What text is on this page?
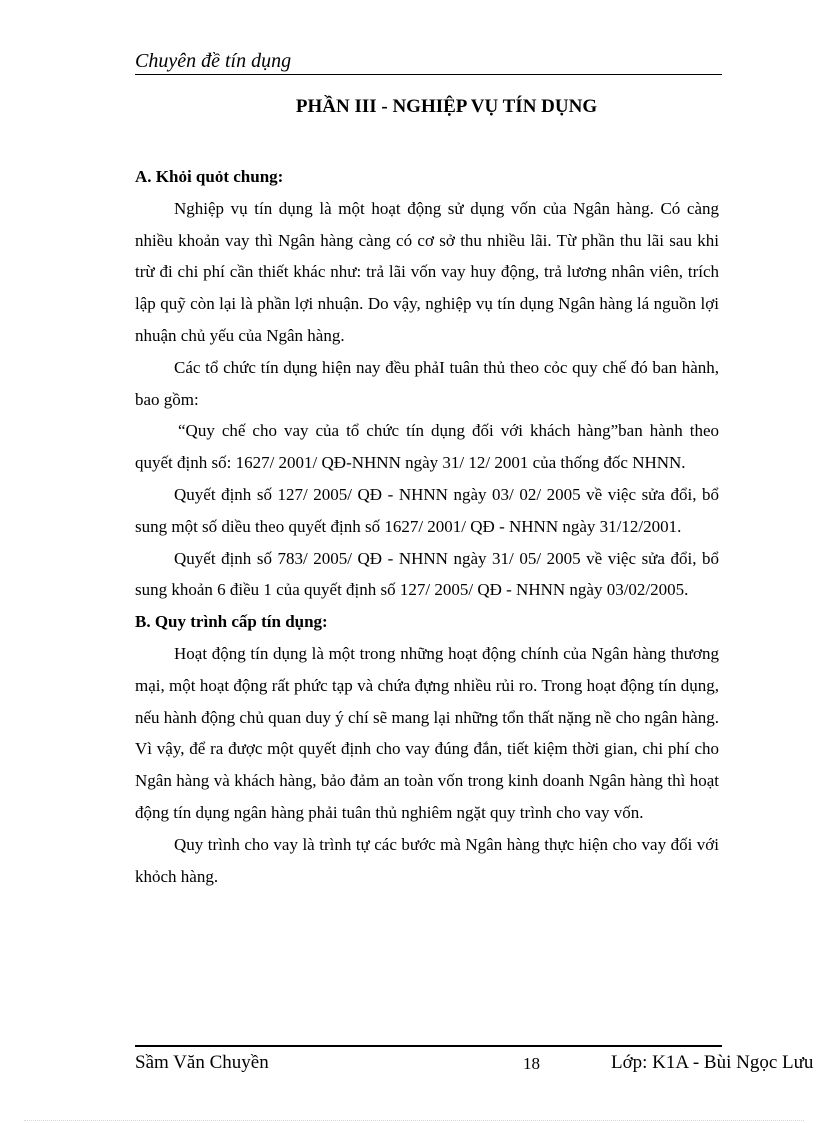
Chuyên đề tín dụng
PHẦN III - NGHIỆP VỤ TÍN DỤNG
A. Khỏi quỏt chung:

Nghiệp vụ tín dụng là một hoạt động sử dụng vốn của Ngân hàng. Có càng nhiều khoản vay thì Ngân hàng càng có cơ sở thu nhiều lãi. Từ phần thu lãi sau khi trừ đi chi phí cần thiết khác như: trả lãi vốn vay huy động, trả lương nhân viên, trích lập quỹ còn lại là phần lợi nhuận. Do vậy, nghiệp vụ tín dụng Ngân hàng lá nguồn lợi nhuận chủ yếu của Ngân hàng.

Các tổ chức tín dụng hiện nay đều phảI tuân thủ theo cỏc quy chế đó ban hành, bao gồm:

“Quy chế cho vay của tổ chức tín dụng đối với khách hàng”ban hành theo quyết định số: 1627/ 2001/ QĐ-NHNN ngày 31/ 12/ 2001 của thống đốc NHNN.

Quyết định số 127/ 2005/ QĐ - NHNN ngày 03/ 02/ 2005 về việc sửa đổi, bổ sung một số diều theo quyết định số 1627/ 2001/ QĐ - NHNN ngày 31/12/2001.

Quyết định số 783/ 2005/ QĐ - NHNN ngày 31/ 05/ 2005 về việc sửa đổi, bổ sung khoản 6 điều 1 của quyết định số 127/ 2005/ QĐ - NHNN ngày 03/02/2005.

B. Quy trình cấp tín dụng:

Hoạt động tín dụng là một trong những hoạt động chính của Ngân hàng thương mại, một hoạt động rất phức tạp và chứa đựng nhiều rủi ro. Trong hoạt động tín dụng, nếu hành động chủ quan duy ý chí sẽ mang lại những tổn thất nặng nề cho ngân hàng. Vì vậy, để ra được một quyết định cho vay đúng đắn, tiết kiệm thời gian, chi phí cho Ngân hàng và khách hàng, bảo đảm an toàn vốn trong kinh doanh Ngân hàng thì hoạt động tín dụng ngân hàng phải tuân thủ nghiêm ngặt quy trình cho vay vốn.

Quy trình cho vay là trình tự các bước mà Ngân hàng thực hiện cho vay đối với khỏch hàng.

Sầm Văn Chuyền	18	Lớp: K1A - Bùi Ngọc Lưu
